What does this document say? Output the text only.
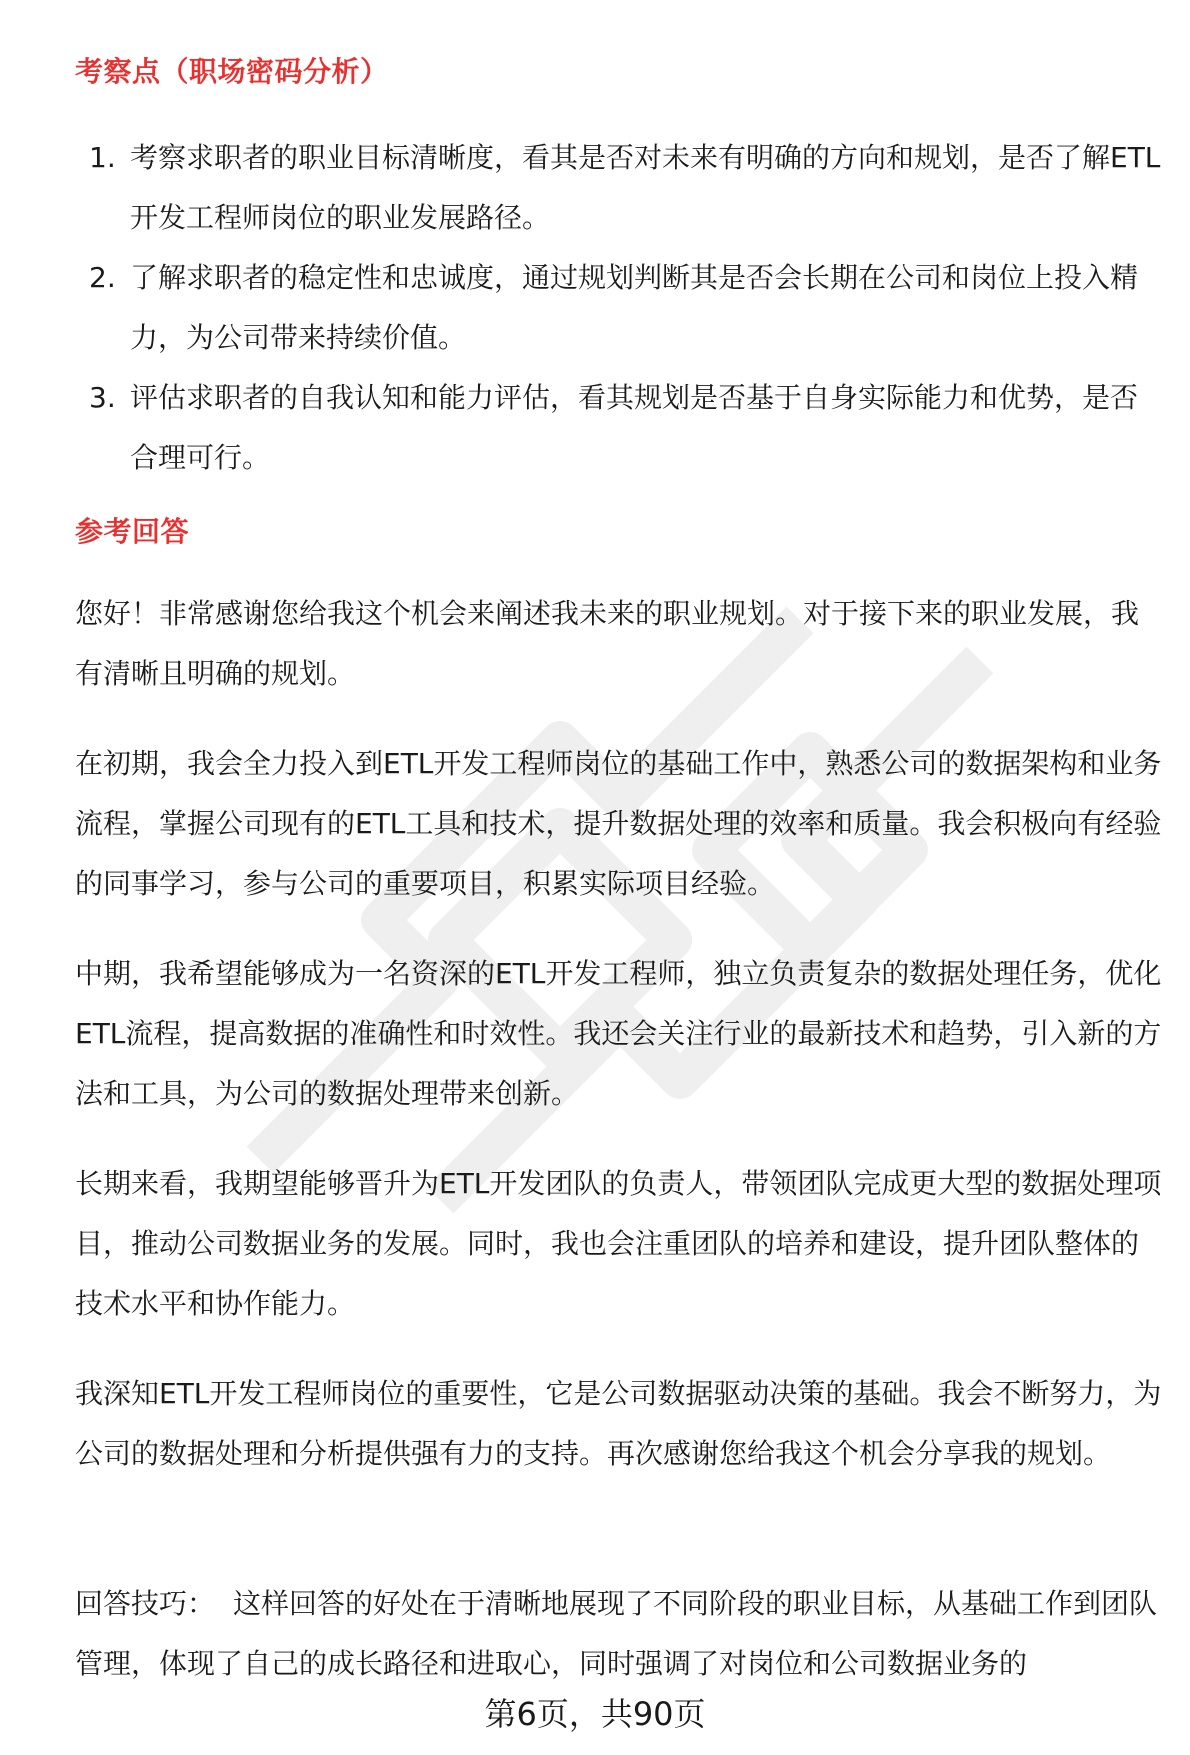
考察点（职场密码分析）
1. 考察求职者的职业目标清晰度，看其是否对未来有明确的方向和规划，是否了解ETL开发工程师岗位的职业发展路径。
2. 了解求职者的稳定性和忠诚度，通过规划判断其是否会长期在公司和岗位上投入精力，为公司带来持续价值。
3. 评估求职者的自我认知和能力评估，看其规划是否基于自身实际能力和优势，是否合理可行。
参考回答

您好！非常感谢您给我这个机会来阐述我未来的职业规划。对于接下来的职业发展，我有清晰且明确的规划。

在初期，我会全力投入到ETL开发工程师岗位的基础工作中，熟悉公司的数据架构和业务流程，掌握公司现有的ETL工具和技术，提升数据处理的效率和质量。我会积极向有经验的同事学习，参与公司的重要项目，积累实际项目经验。

中期，我希望能够成为一名资深的ETL开发工程师，独立负责复杂的数据处理任务，优化ETL流程，提高数据的准确性和时效性。我还会关注行业的最新技术和趋势，引入新的方法和工具，为公司的数据处理带来创新。

长期来看，我期望能够晋升为ETL开发团队的负责人，带领团队完成更大型的数据处理项目，推动公司数据业务的发展。同时，我也会注重团队的培养和建设，提升团队整体的技术水平和协作能力。

我深知ETL开发工程师岗位的重要性，它是公司数据驱动决策的基础。我会不断努力，为公司的数据处理和分析提供强有力的支持。再次感谢您给我这个机会分享我的规划。

回答技巧： 这样回答的好处在于清晰地展现了不同阶段的职业目标，从基础工作到团队管理，体现了自己的成长路径和进取心，同时强调了对岗位和公司数据业务的

第6页，共90页
